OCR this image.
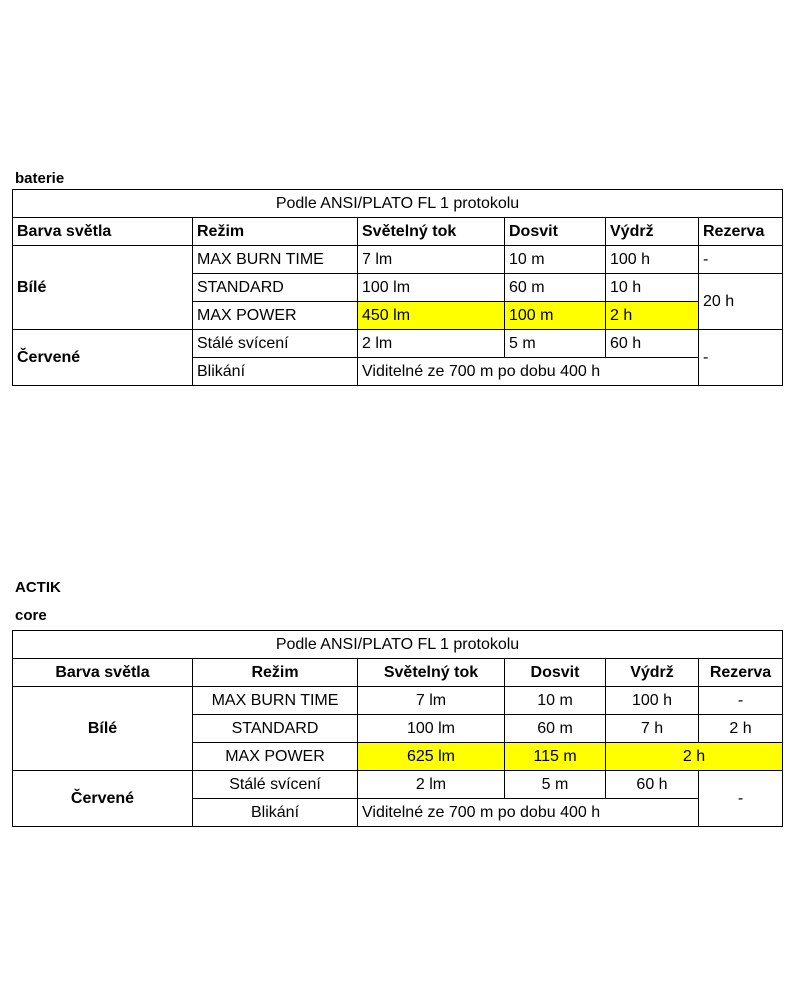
baterie
Podle ANSI/PLATO FL 1 protokolu					
Barva světla	Režim	Světelný tok	Dosvit	Výdrž	Rezerva
Bílé	MAX BURN TIME	7 lm	10 m	100 h	-
	STANDARD	100 lm	60 m	10 h	20 h
	MAX POWER	450 lm	100 m	2 h	
Červené	Stálé svícení	2 lm	5 m	60 h	-
	Blikání	Viditelné ze 700 m po dobu 400 h			
ACTIK
core
Podle ANSI/PLATO FL 1 protokolu					
Barva světla	Režim	Světelný tok	Dosvit	Výdrž	Rezerva
Bílé	MAX BURN TIME	7 lm	10 m	100 h	-
	STANDARD	100 lm	60 m	7 h	2 h
	MAX POWER	625 lm	115 m	2 h	
Červené	Stálé svícení	2 lm	5 m	60 h	-
	Blikání	Viditelné ze 700 m po dobu 400 h			
